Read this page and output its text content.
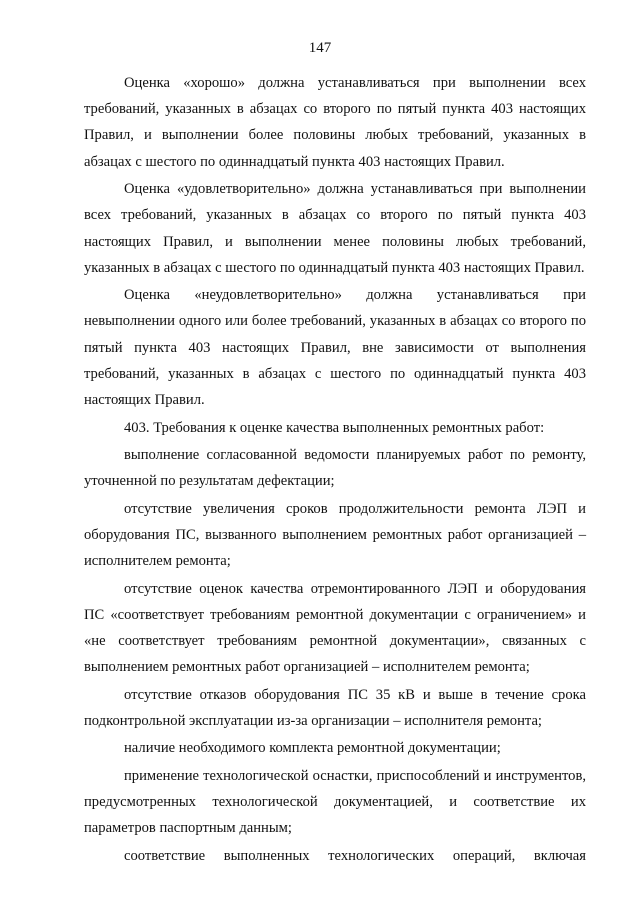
147

Оценка «хорошо» должна устанавливаться при выполнении всех требований, указанных в абзацах со второго по пятый пункта 403 настоящих Правил, и выполнении более половины любых требований, указанных в абзацах с шестого по одиннадцатый пункта 403 настоящих Правил.

Оценка «удовлетворительно» должна устанавливаться при выполнении всех требований, указанных в абзацах со второго по пятый пункта 403 настоящих Правил, и выполнении менее половины любых требований, указанных в абзацах с шестого по одиннадцатый пункта 403 настоящих Правил.

Оценка «неудовлетворительно» должна устанавливаться при невыполнении одного или более требований, указанных в абзацах со второго по пятый пункта 403 настоящих Правил, вне зависимости от выполнения требований, указанных в абзацах с шестого по одиннадцатый пункта 403 настоящих Правил.

403. Требования к оценке качества выполненных ремонтных работ:

выполнение согласованной ведомости планируемых работ по ремонту, уточненной по результатам дефектации;

отсутствие увеличения сроков продолжительности ремонта ЛЭП и оборудования ПС, вызванного выполнением ремонтных работ организацией – исполнителем ремонта;

отсутствие оценок качества отремонтированного ЛЭП и оборудования ПС «соответствует требованиям ремонтной документации с ограничением» и «не соответствует требованиям ремонтной документации», связанных с выполнением ремонтных работ организацией – исполнителем ремонта;

отсутствие отказов оборудования ПС 35 кВ и выше в течение срока подконтрольной эксплуатации из-за организации – исполнителя ремонта;

наличие необходимого комплекта ремонтной документации;

применение технологической оснастки, приспособлений и инструментов, предусмотренных технологической документацией, и соответствие их параметров паспортным данным;

соответствие выполненных технологических операций, включая
